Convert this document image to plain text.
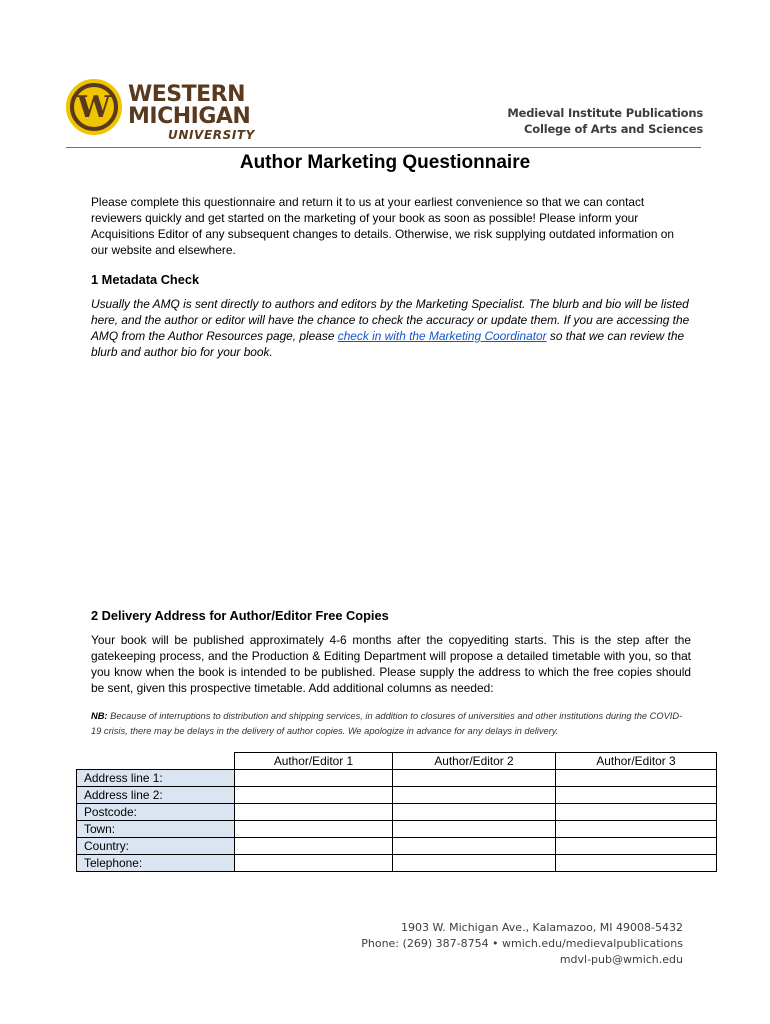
W WESTERN
MICHIGAN
UNIVERSITY
Medieval Institute Publications
College of Arts and Sciences
Author Marketing Questionnaire
Please complete this questionnaire and return it to us at your earliest convenience so that we can contact reviewers quickly and get started on the marketing of your book as soon as possible! Please inform your Acquisitions Editor of any subsequent changes to details. Otherwise, we risk supplying outdated information on our website and elsewhere.
1 Metadata Check
Usually the AMQ is sent directly to authors and editors by the Marketing Specialist. The blurb and bio will be listed here, and the author or editor will have the chance to check the accuracy or update them. If you are accessing the AMQ from the Author Resources page, please check in with the Marketing Coordinator so that we can review the blurb and author bio for your book.
2 Delivery Address for Author/Editor Free Copies
Your book will be published approximately 4-6 months after the copyediting starts. This is the step after the gatekeeping process, and the Production & Editing Department will propose a detailed timetable with you, so that you know when the book is intended to be published. Please supply the address to which the free copies should be sent, given this prospective timetable. Add additional columns as needed:
NB: Because of interruptions to distribution and shipping services, in addition to closures of universities and other institutions during the COVID-19 crisis, there may be delays in the delivery of author copies. We apologize in advance for any delays in delivery.
	Author/Editor 1	Author/Editor 2	Author/Editor 3
Address line 1:			
Address line 2:			
Postcode:			
Town:			
Country:			
Telephone:			
1903 W. Michigan Ave., Kalamazoo, MI 49008-5432
Phone: (269) 387-8754 • wmich.edu/medievalpublications
mdvl-pub@wmich.edu
